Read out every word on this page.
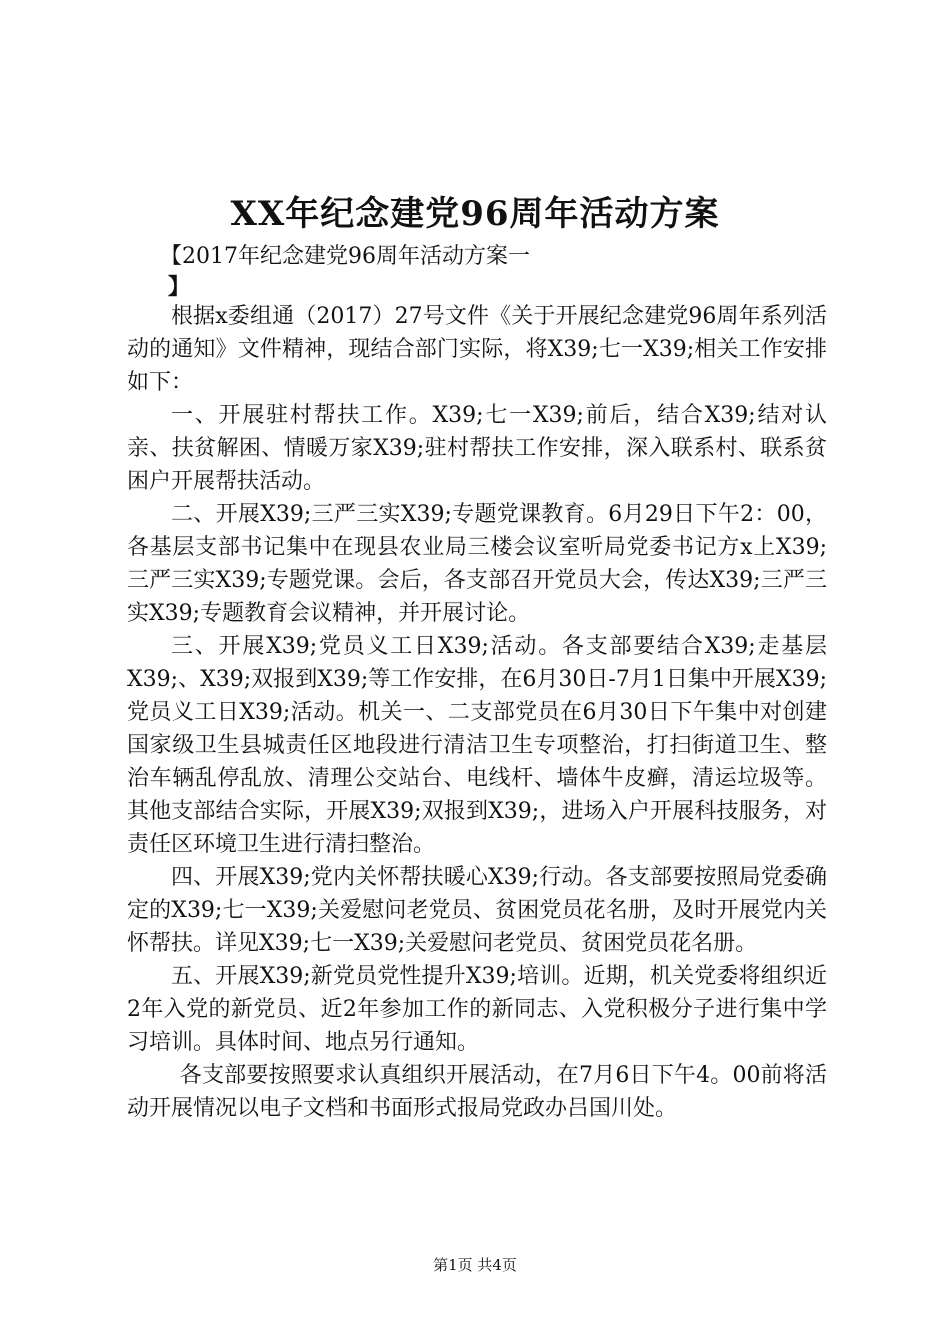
XX年纪念建党96周年活动方案
【2017年纪念建党96周年活动方案一
】

根据x委组通（2017）27号文件《关于开展纪念建党96周年系列活动的通知》文件精神，现结合部门实际，将X39;七一X39;相关工作安排如下：

一、开展驻村帮扶工作。X39;七一X39;前后，结合X39;结对认亲、扶贫解困、情暖万家X39;驻村帮扶工作安排，深入联系村、联系贫困户开展帮扶活动。

二、开展X39;三严三实X39;专题党课教育。6月29日下午2：00，各基层支部书记集中在现县农业局三楼会议室听局党委书记方x上X39;三严三实X39;专题党课。会后，各支部召开党员大会，传达X39;三严三实X39;专题教育会议精神，并开展讨论。

三、开展X39;党员义工日X39;活动。各支部要结合X39;走基层X39;、X39;双报到X39;等工作安排，在6月30日-7月1日集中开展X39;党员义工日X39;活动。机关一、二支部党员在6月30日下午集中对创建国家级卫生县城责任区地段进行清洁卫生专项整治，打扫街道卫生、整治车辆乱停乱放、清理公交站台、电线杆、墙体牛皮癣，清运垃圾等。其他支部结合实际，开展X39;双报到X39;，进场入户开展科技服务，对责任区环境卫生进行清扫整治。

四、开展X39;党内关怀帮扶暖心X39;行动。各支部要按照局党委确定的X39;七一X39;关爱慰问老党员、贫困党员花名册，及时开展党内关怀帮扶。详见X39;七一X39;关爱慰问老党员、贫困党员花名册。

五、开展X39;新党员党性提升X39;培训。近期，机关党委将组织近2年入党的新党员、近2年参加工作的新同志、入党积极分子进行集中学习培训。具体时间、地点另行通知。

各支部要按照要求认真组织开展活动，在7月6日下午4。00前将活动开展情况以电子文档和书面形式报局党政办吕国川处。

第1页 共4页
